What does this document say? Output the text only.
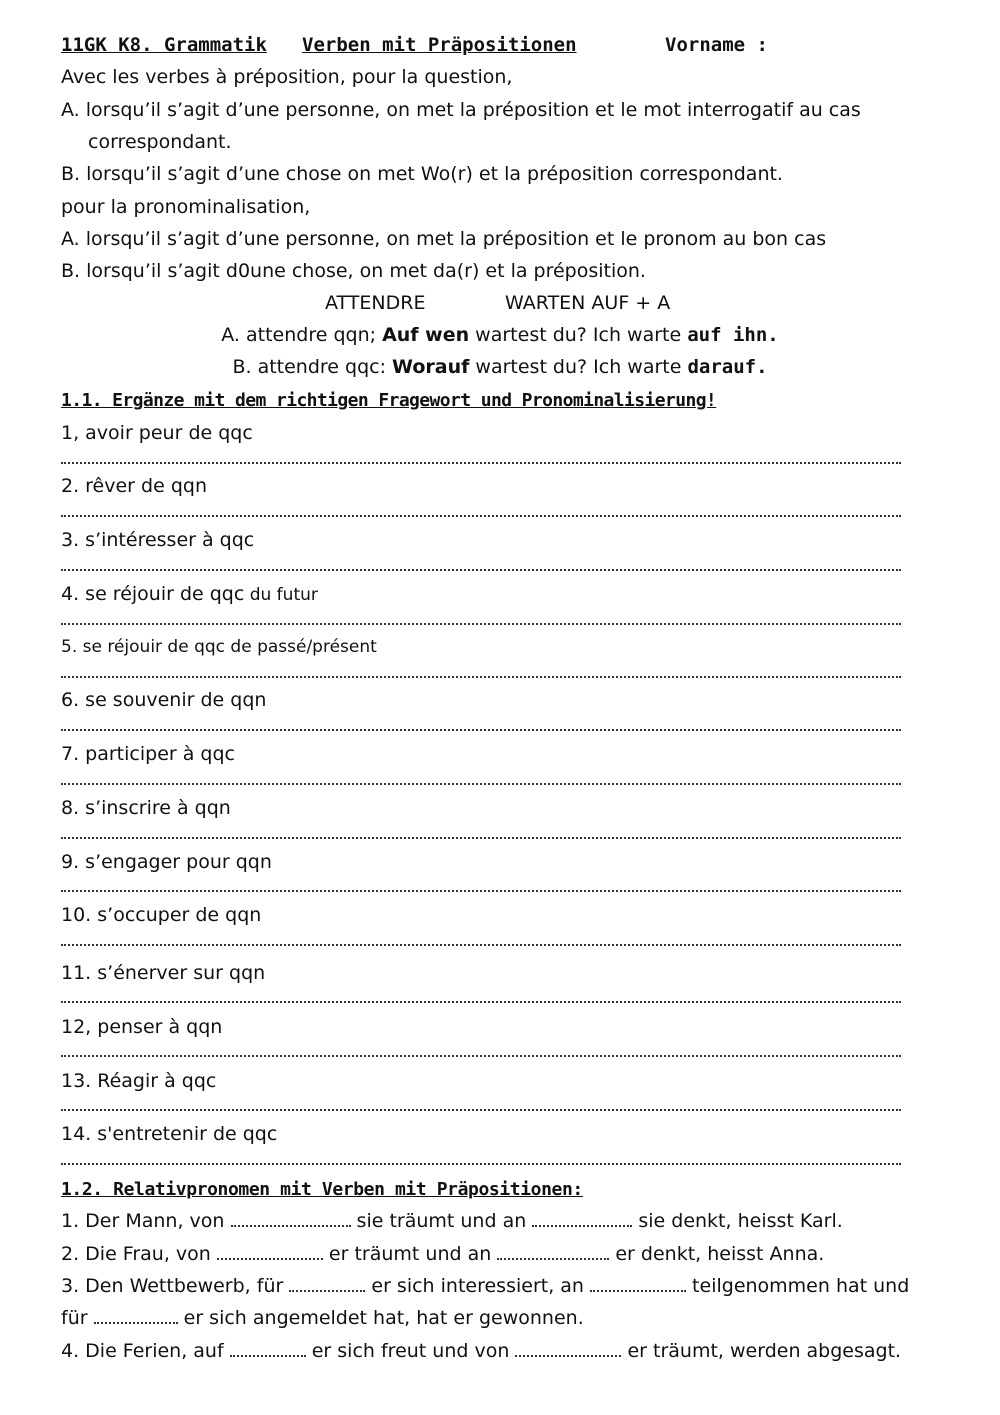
11GK K8. Grammatik Verben mit Präpositionen	Vorname :
Avec les verbes à préposition, pour la question,
A. lorsqu’il s’agit d’une personne, on met la préposition et le mot interrogatif au cas
correspondant.
B. lorsqu’il s’agit d’une chose on met Wo(r) et la préposition correspondant.
pour la pronominalisation,
A. lorsqu’il s’agit d’une personne, on met la préposition et le pronom au bon cas
B. lorsqu’il s’agit d0une chose, on met da(r) et la préposition.
ATTENDRE	WARTEN AUF + A
A. attendre qqn; Auf wen wartest du? Ich warte auf ihn.
B. attendre qqc: Worauf wartest du? Ich warte darauf.
1.1. Ergänze mit dem richtigen Fragewort und Pronominalisierung!
1, avoir peur de qqc
2. rêver de qqn
3. s’intéresser à qqc
4. se réjouir de qqc du futur
5. se réjouir de qqc de passé/présent
6. se souvenir de qqn
7. participer à qqc
8. s’inscrire à qqn
9. s’engager pour qqn
10. s’occuper de qqn
11. s’énerver sur qqn
12, penser à qqn
13. Réagir à qqc
14. s'entretenir de qqc
1.2. Relativpronomen mit Verben mit Präpositionen:
1. Der Mann, von	sie träumt und an	sie denkt, heisst Karl.
2. Die Frau, von	er träumt und an	er denkt, heisst Anna.
3. Den Wettbewerb, für	er sich interessiert, an	teilgenommen hat und
für	er sich angemeldet hat, hat er gewonnen.
4. Die Ferien, auf	er sich freut und von	er träumt, werden abgesagt.
